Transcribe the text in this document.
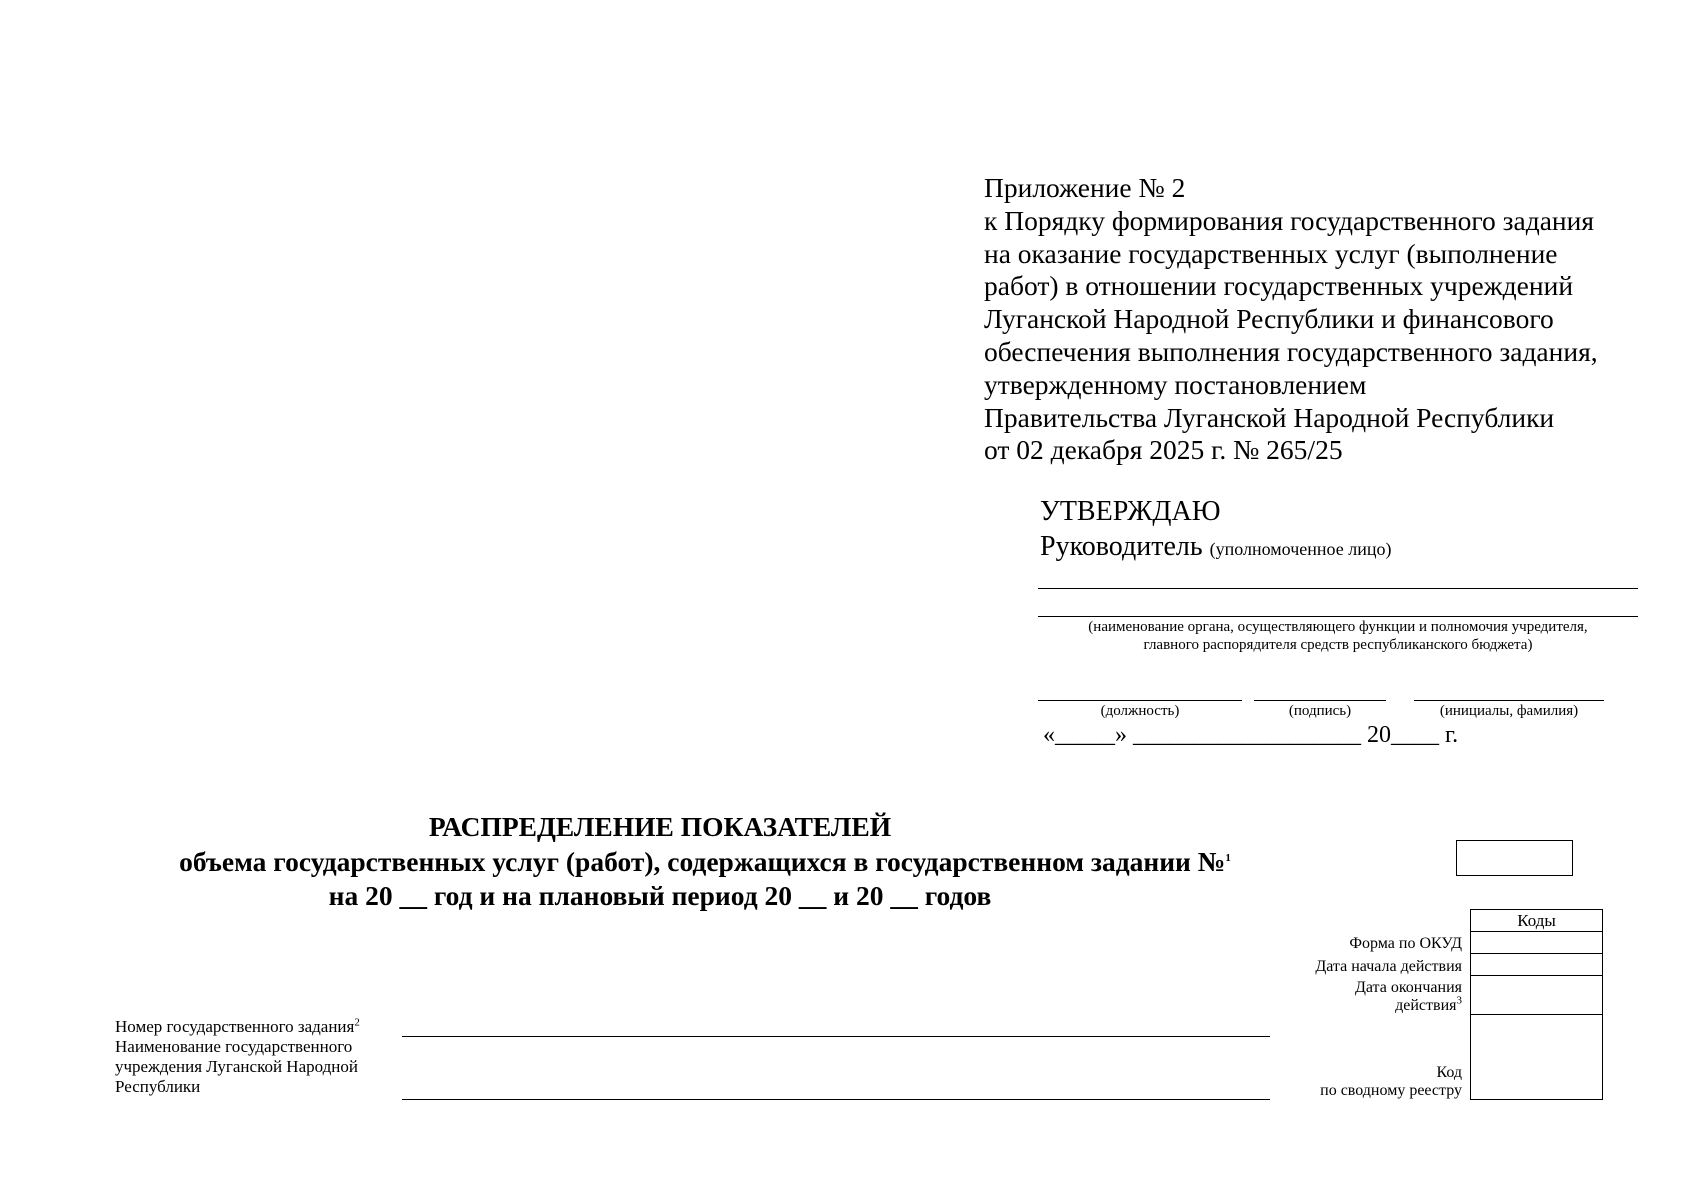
Приложение № 2
к Порядку формирования государственного задания
на оказание государственных услуг (выполнение
работ) в отношении государственных учреждений
Луганской Народной Республики и финансового
обеспечения выполнения государственного задания,
утвержденному постановлением
Правительства Луганской Народной Республики
от 02 декабря 2025 г. № 265/25
УТВЕРЖДАЮ
Руководитель (уполномоченное лицо)
(наименование органа, осуществляющего функции и полномочия учредителя,
главного распорядителя средств республиканского бюджета)
(должность)	(подпись)	(инициалы, фамилия)
«_____» ___________________ 20____ г.
РАСПРЕДЕЛЕНИЕ ПОКАЗАТЕЛЕЙ
объема государственных услуг (работ), содержащихся в государственном задании №$^1$
на 20 __ год и на плановый период 20 __ и 20 __ годов
Коды
Форма по ОКУД
Дата начала действия
Дата окончания
действия$^3$
Код
по сводному реестру
Номер государственного задания$^2$
Наименование государственного
учреждения Луганской Народной
Республики
